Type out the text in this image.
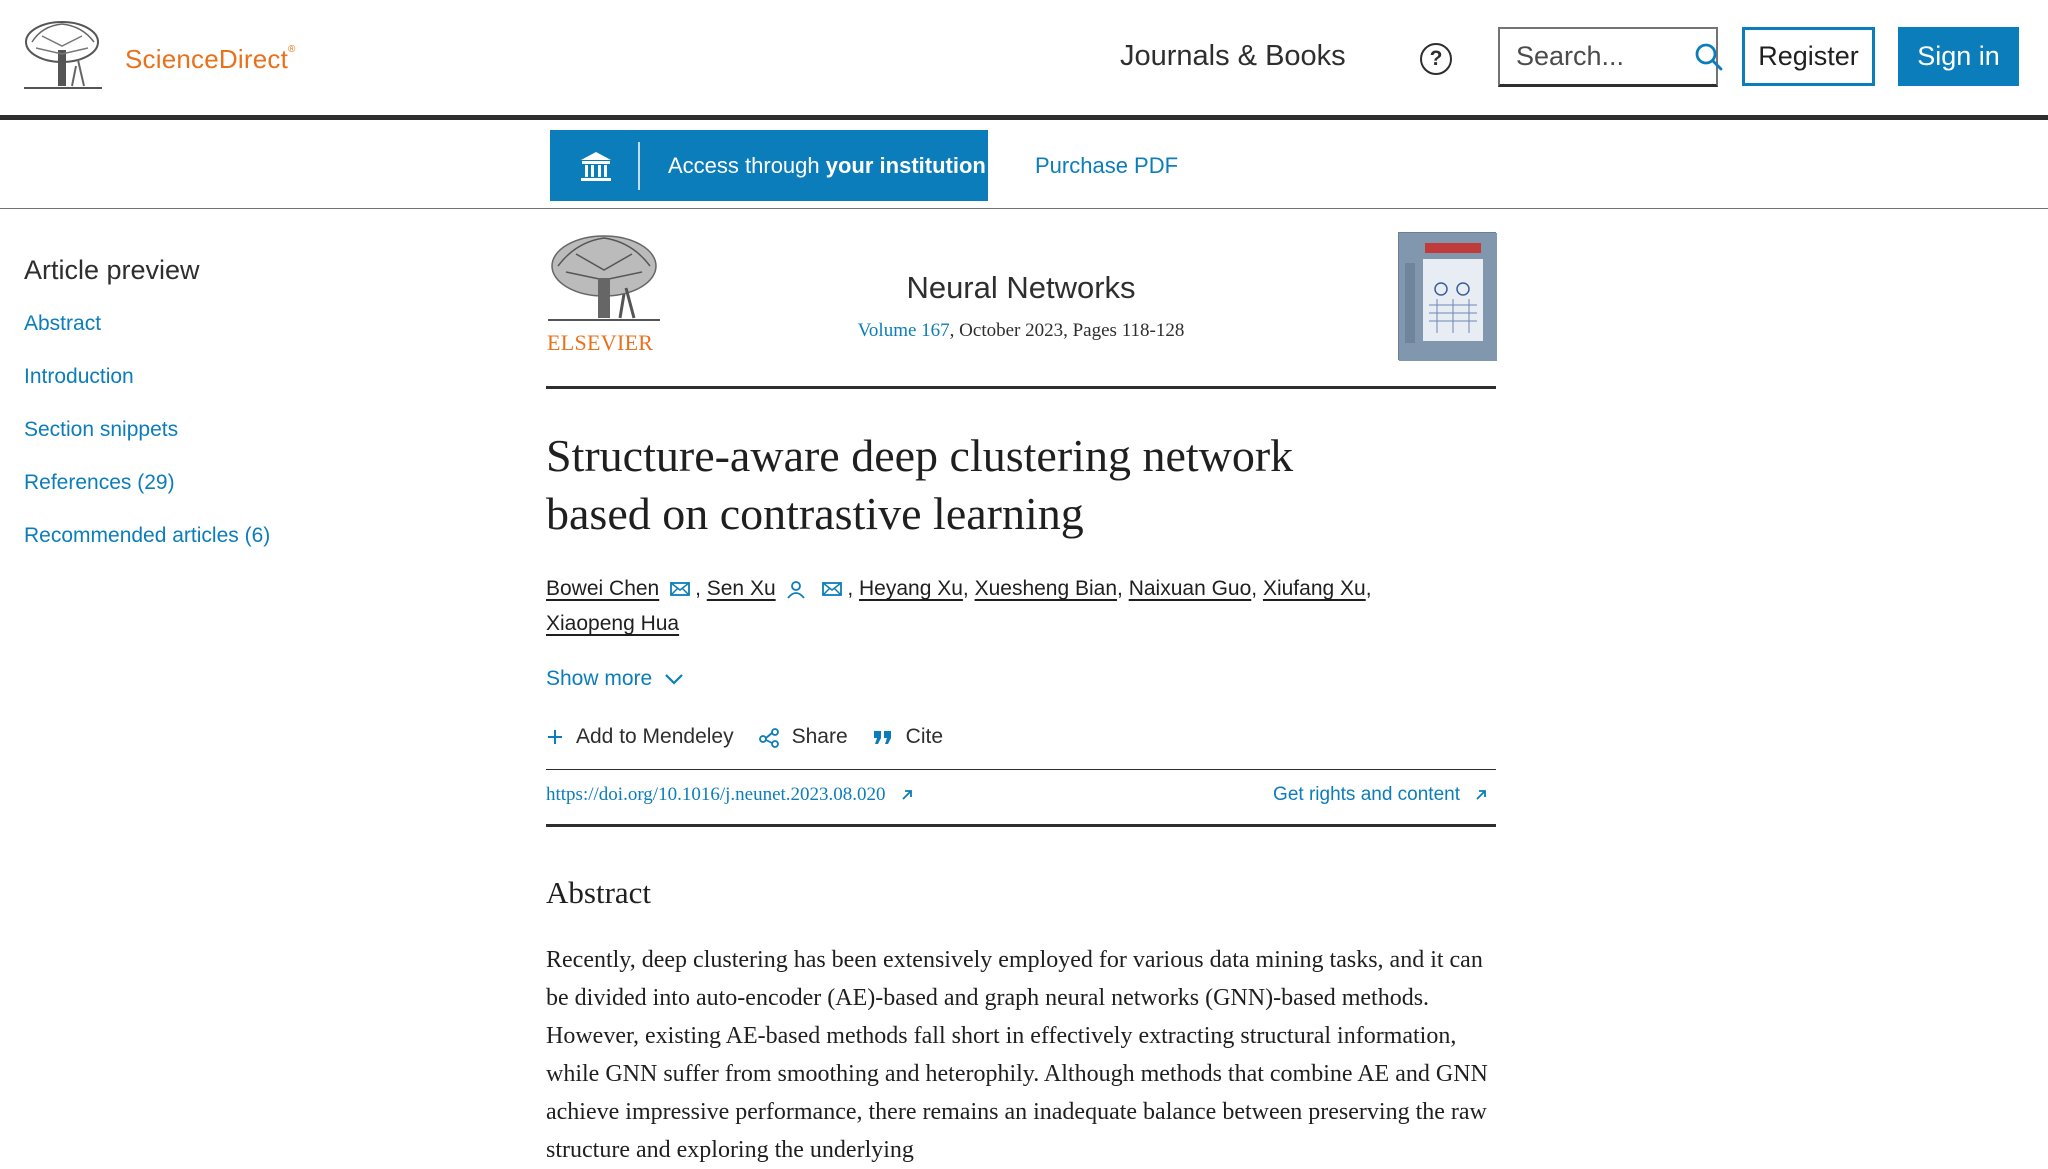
ScienceDirect®	Journals & Books	?
Search...	Register	Sign in
Access through your institution Purchase PDF
Article preview
Abstract
Introduction
Section snippets
References (29)
Recommended articles (6)
ELSEVIER
Neural Networks
Volume 167, October 2023, Pages 118-128
Structure-aware deep clustering network
based on contrastive learning
Bowei Chen , Sen Xu	, Heyang Xu, Xuesheng Bian, Naixuan Guo, Xiufang Xu,
Xiaopeng Hua
Show more
Add to Mendeley	Share	Cite
https://doi.org/10.1016/j.neunet.2023.08.020	Get rights and content
Abstract

Recently, deep clustering has been extensively employed for various data mining tasks, and it can be divided into auto-encoder (AE)-based and graph neural networks (GNN)-based methods. However, existing AE-based methods fall short in effectively extracting structural information, while GNN suffer from smoothing and heterophily. Although methods that combine AE and GNN achieve impressive performance, there remains an inadequate balance between preserving the raw structure and exploring the underlying
